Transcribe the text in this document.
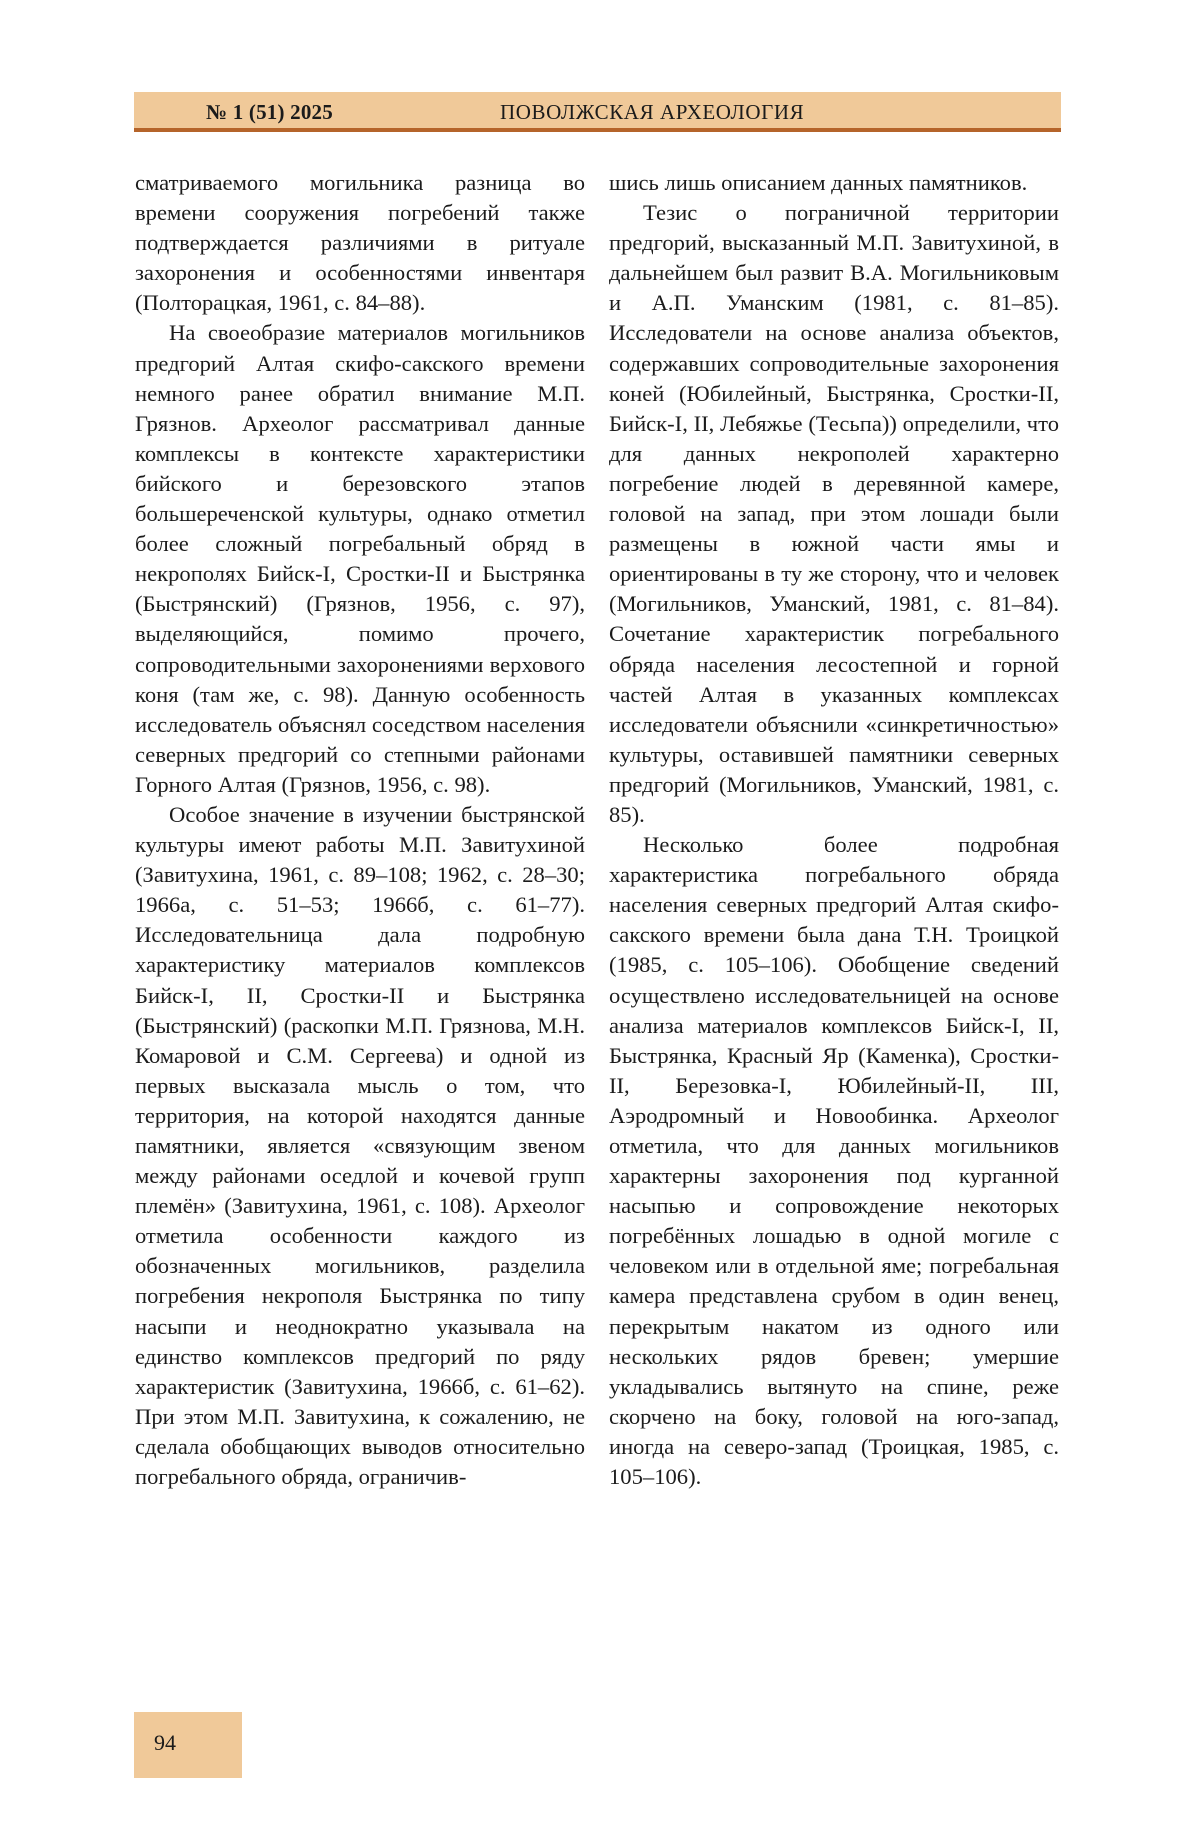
№ 1 (51) 2025	ПОВОЛЖСКАЯ АРХЕОЛОГИЯ

сматриваемого могильника разница во времени сооружения погребений также подтверждается различиями в ритуале захоронения и особенностями инвентаря (Полторацкая, 1961, с. 84–88).

На своеобразие материалов могильников предгорий Алтая скифо-сакского времени немного ранее обратил внимание М.П. Грязнов. Археолог рассматривал данные комплексы в контексте характеристики бийского и березовского этапов большереченской культуры, однако отметил более сложный погребальный обряд в некрополях Бийск-I, Сростки-II и Быстрянка (Быстрянский) (Грязнов, 1956, с. 97), выделяющийся, помимо прочего, сопроводительными захоронениями верхового коня (там же, с. 98). Данную особенность исследователь объяснял соседством населения северных предгорий со степными районами Горного Алтая (Грязнов, 1956, с. 98).

Особое значение в изучении быстрянской культуры имеют работы М.П. Завитухиной (Завитухина, 1961, с. 89–108; 1962, с. 28–30; 1966а, с. 51–53; 1966б, с. 61–77). Исследовательница дала подробную характеристику материалов комплексов Бийск-I, II, Сростки-II и Быстрянка (Быстрянский) (раскопки М.П. Грязнова, М.Н. Комаровой и С.М. Сергеева) и одной из первых высказала мысль о том, что территория, на которой находятся данные памятники, является «связующим звеном между районами оседлой и кочевой групп племён» (Завитухина, 1961, с. 108). Археолог отметила особенности каждого из обозначенных могильников, разделила погребения некрополя Быстрянка по типу насыпи и неоднократно указывала на единство комплексов предгорий по ряду характеристик (Завитухина, 1966б, с. 61–62). При этом М.П. Завитухина, к сожалению, не сделала обобщающих выводов относительно погребального обряда, ограничив-

шись лишь описанием данных памятников.

Тезис о пограничной территории предгорий, высказанный М.П. Завитухиной, в дальнейшем был развит В.А. Могильниковым и А.П. Уманским (1981, с. 81–85). Исследователи на основе анализа объектов, содержавших сопроводительные захоронения коней (Юбилейный, Быстрянка, Сростки-II, Бийск-I, II, Лебяжье (Тесьпа)) определили, что для данных некрополей характерно погребение людей в деревянной камере, головой на запад, при этом лошади были размещены в южной части ямы и ориентированы в ту же сторону, что и человек (Могильников, Уманский, 1981, с. 81–84). Сочетание характеристик погребального обряда населения лесостепной и горной частей Алтая в указанных комплексах исследователи объяснили «синкретичностью» культуры, оставившей памятники северных предгорий (Могильников, Уманский, 1981, с. 85).

Несколько более подробная характеристика погребального обряда населения северных предгорий Алтая скифо-сакского времени была дана Т.Н. Троицкой (1985, с. 105–106). Обобщение сведений осуществлено исследовательницей на основе анализа материалов комплексов Бийск-I, II, Быстрянка, Красный Яр (Каменка), Сростки-II, Березовка-I, Юбилейный-II, III, Аэродромный и Новообинка. Археолог отметила, что для данных могильников характерны захоронения под курганной насыпью и сопровождение некоторых погребённых лошадью в одной могиле с человеком или в отдельной яме; погребальная камера представлена срубом в один венец, перекрытым накатом из одного или нескольких рядов бревен; умершие укладывались вытянуто на спине, реже скорчено на боку, головой на юго-запад, иногда на северо-запад (Троицкая, 1985, с. 105–106).

94
